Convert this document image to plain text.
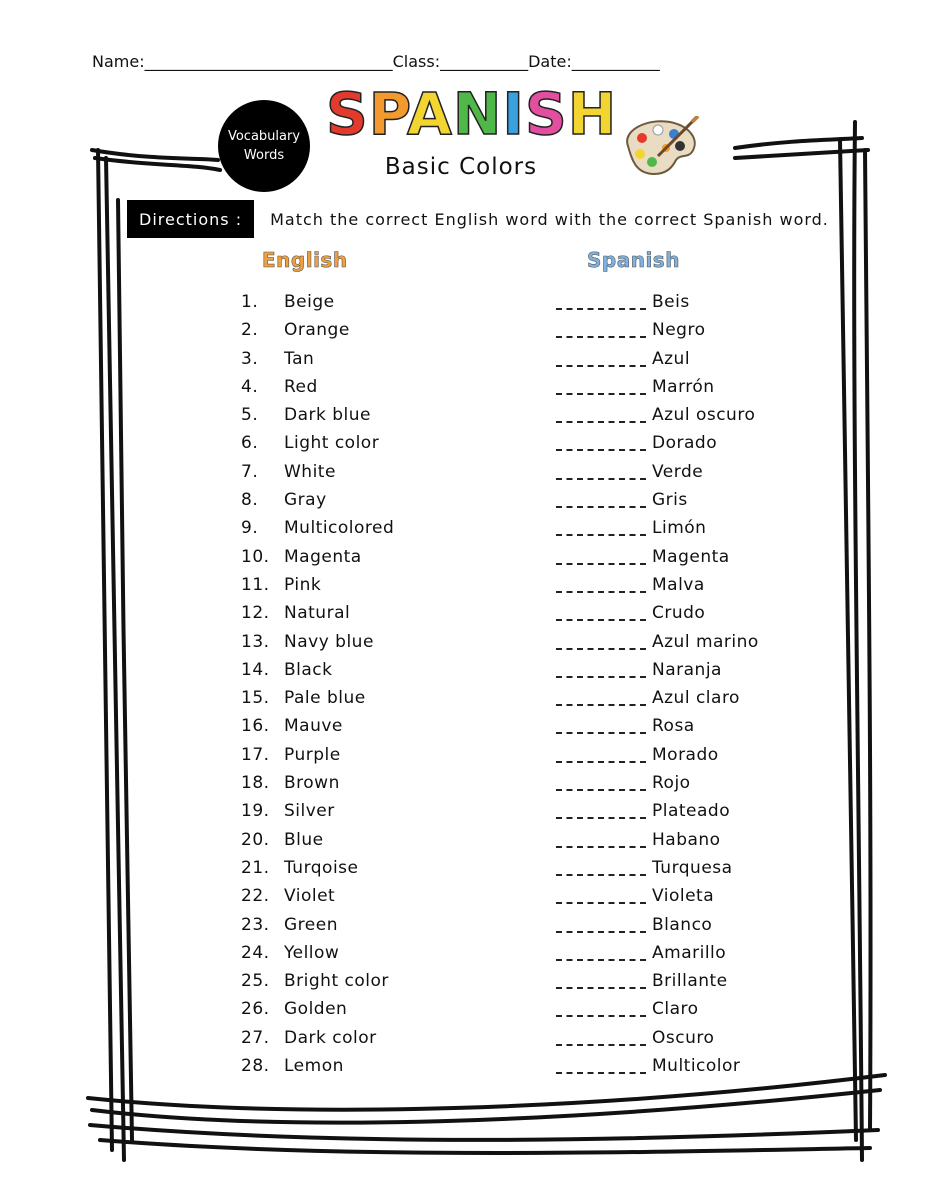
Name:_______________________________Class:___________Date:___________
Vocabulary
Words
SPANISH
Basic Colors
Directions :	Match the correct English word with the correct Spanish word.
English	Spanish
1. Beige	Beis
2. Orange	Negro
3. Tan	Azul
4. Red	Marrón
5. Dark blue	Azul oscuro
6. Light color	Dorado
7. White	Verde
8. Gray	Gris
9. Multicolored	Limón
10. Magenta	Magenta
11. Pink	Malva
12. Natural	Crudo
13. Navy blue	Azul marino
14. Black	Naranja
15. Pale blue	Azul claro
16. Mauve	Rosa
17. Purple	Morado
18. Brown	Rojo
19. Silver	Plateado
20. Blue	Habano
21. Turqoise	Turquesa
22. Violet	Violeta
23. Green	Blanco
24. Yellow	Amarillo
25. Bright color	Brillante
26. Golden	Claro
27. Dark color	Oscuro
28. Lemon	Multicolor
